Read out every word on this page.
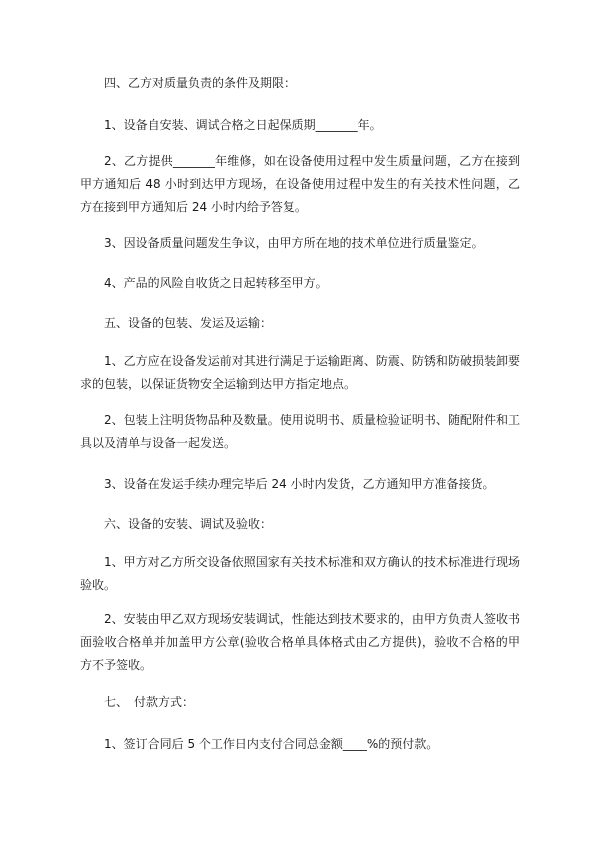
四、乙方对质量负责的条件及期限：

1、设备自安装、调试合格之日起保质期_______年。

2、乙方提供_______年维修，如在设备使用过程中发生质量问题，乙方在接到甲方通知后 48 小时到达甲方现场，在设备使用过程中发生的有关技术性问题，乙方在接到甲方通知后 24 小时内给予答复。

3、因设备质量问题发生争议，由甲方所在地的技术单位进行质量鉴定。

4、产品的风险自收货之日起转移至甲方。

五、设备的包装、发运及运输：

1、乙方应在设备发运前对其进行满足于运输距离、防震、防锈和防破损装卸要求的包装，以保证货物安全运输到达甲方指定地点。

2、包装上注明货物品种及数量。使用说明书、质量检验证明书、随配附件和工具以及清单与设备一起发送。

3、设备在发运手续办理完毕后 24 小时内发货，乙方通知甲方准备接货。

六、设备的安装、调试及验收：

1、甲方对乙方所交设备依照国家有关技术标准和双方确认的技术标准进行现场验收。

2、安装由甲乙双方现场安装调试，性能达到技术要求的，由甲方负责人签收书面验收合格单并加盖甲方公章(验收合格单具体格式由乙方提供)，验收不合格的甲方不予签收。

七、　付款方式：

1、签订合同后 5 个工作日内支付合同总金额____%的预付款。
